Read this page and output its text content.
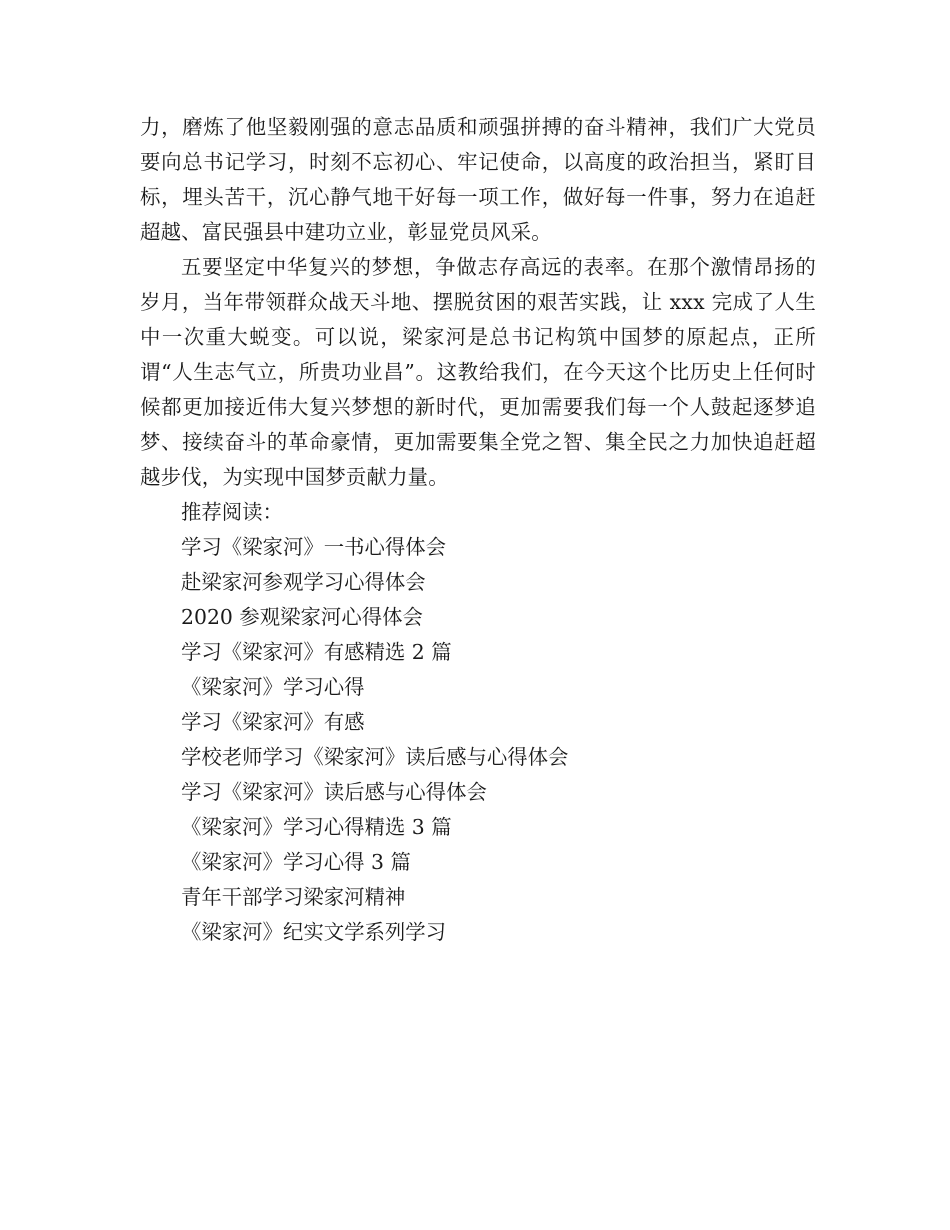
力，磨炼了他坚毅刚强的意志品质和顽强拼搏的奋斗精神，我们广大党员要向总书记学习，时刻不忘初心、牢记使命，以高度的政治担当，紧盯目标，埋头苦干，沉心静气地干好每一项工作，做好每一件事，努力在追赶超越、富民强县中建功立业，彰显党员风采。

五要坚定中华复兴的梦想，争做志存高远的表率。在那个激情昂扬的岁月，当年带领群众战天斗地、摆脱贫困的艰苦实践，让 xxx 完成了人生中一次重大蜕变。可以说，梁家河是总书记构筑中国梦的原起点，正所谓“人生志气立，所贵功业昌”。这教给我们，在今天这个比历史上任何时候都更加接近伟大复兴梦想的新时代，更加需要我们每一个人鼓起逐梦追梦、接续奋斗的革命豪情，更加需要集全党之智、集全民之力加快追赶超越步伐，为实现中国梦贡献力量。

推荐阅读：

学习《梁家河》一书心得体会
赴梁家河参观学习心得体会
2020 参观梁家河心得体会
学习《梁家河》有感精选 2 篇
《梁家河》学习心得
学习《梁家河》有感
学校老师学习《梁家河》读后感与心得体会
学习《梁家河》读后感与心得体会
《梁家河》学习心得精选 3 篇
《梁家河》学习心得 3 篇
青年干部学习梁家河精神
《梁家河》纪实文学系列学习
